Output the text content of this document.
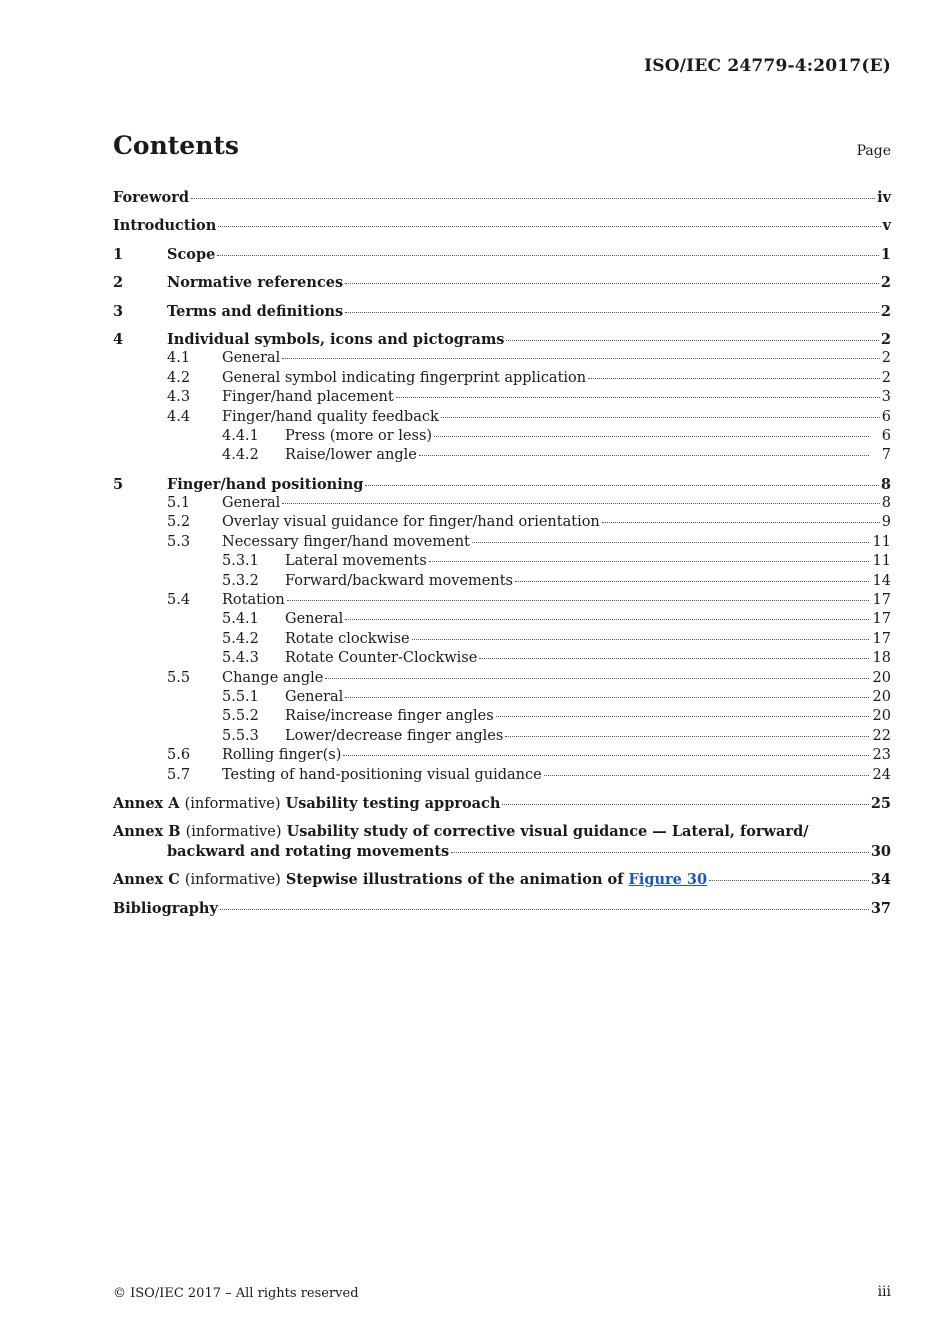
ISO/IEC 24779-4:2017(E)
Contents	Page
Foreword	iv
Introduction	v
1	Scope	1
2	Normative references	2
3	Terms and definitions	2
4	Individual symbols, icons and pictograms	2
4.1	General	2
4.2	General symbol indicating fingerprint application	2
4.3	Finger/hand placement	3
4.4	Finger/hand quality feedback	6
4.4.1	Press (more or less)	6
4.4.2	Raise/lower angle	7
5	Finger/hand positioning	8
5.1	General	8
5.2	Overlay visual guidance for finger/hand orientation	9
5.3	Necessary finger/hand movement	11
5.3.1	Lateral movements	11
5.3.2	Forward/backward movements	14
5.4	Rotation	17
5.4.1	General	17
5.4.2	Rotate clockwise	17
5.4.3	Rotate Counter-Clockwise	18
5.5	Change angle	20
5.5.1	General	20
5.5.2	Raise/increase finger angles	20
5.5.3	Lower/decrease finger angles	22
5.6	Rolling finger(s)	23
5.7	Testing of hand-positioning visual guidance	24
Annex A (informative) Usability testing approach	25
Annex B (informative) Usability study of corrective visual guidance — Lateral, forward/
backward and rotating movements	30
Annex C (informative) Stepwise illustrations of the animation of Figure 30	34
Bibliography	37
© ISO/IEC 2017 – All rights reserved	iii
